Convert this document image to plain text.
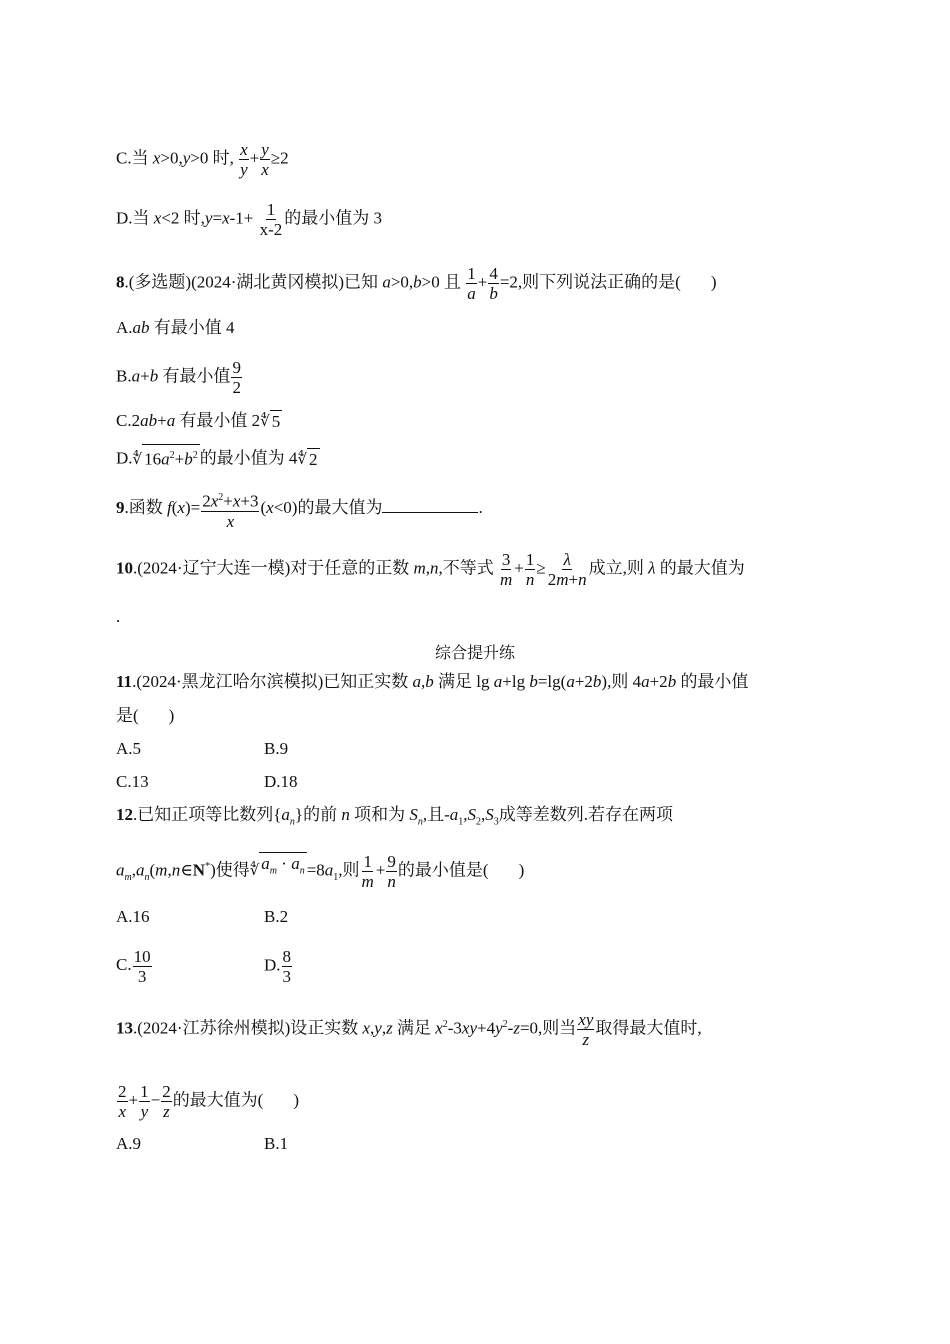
C.当 x>0,y>0 时, $\frac{x}{y} + \frac{y}{x} \ge 2$
D.当 x<2 时$,y=x-1+ \frac{1}{x-2}$ 的最小值为 3
8.(多选题)(2024·湖北黄冈模拟)已知 a>0,b>0 且 $\frac{1}{a} + \frac{4}{b} =2$,则下列说法正确的是( )
A.ab 有最小值 4
B.a+b 有最小值 $\frac{9}{2}$
C.2ab+a 有最小值 2 ∜ 5
D. ∜ $16a^2+b^2$ 的最小值为 4 ∜ 2
9.函数 $f(x)= \frac{2x^2+x+3}{x} (x<0)$的最大值为	.
10.(2024·辽宁大连一模)对于任意的正数 m,n,不等式 $\frac{3}{m} + \frac{1}{n} \ge \frac{\lambda}{2m+n}$ 成立,则 λ 的最大值为
.
综合提升练
11.(2024·黑龙江哈尔滨模拟)已知正实数 a,b 满足 lg a+lg b=lg(a+2b),则 4a+2b 的最小值
是( )
A.5	B.9
C.13	D.18
12.已知正项等比数列$\{a_n\}$的前 n 项和为 $S_n$,且$-a_1,S_2,S_3$成等差数列.若存在两项
$a_m,a_n(m,n\in N^*)$使得 ∜ $a_m \cdot a_n =8a_1$,则 $\frac{1}{m} + \frac{9}{n}$ 的最小值是( )
A.16	B.2
C. $\frac{10}{3}$	D. $\frac{8}{3}$
13.(2024·江苏徐州模拟)设正实数 x,y,z 满足 $x^2-3xy+4y^2-z=0$,则当 $\frac{xy}{z}$ 取得最大值时,
$\frac{2}{x} + \frac{1}{y} - \frac{2}{z}$ 的最大值为( )
A.9	B.1
